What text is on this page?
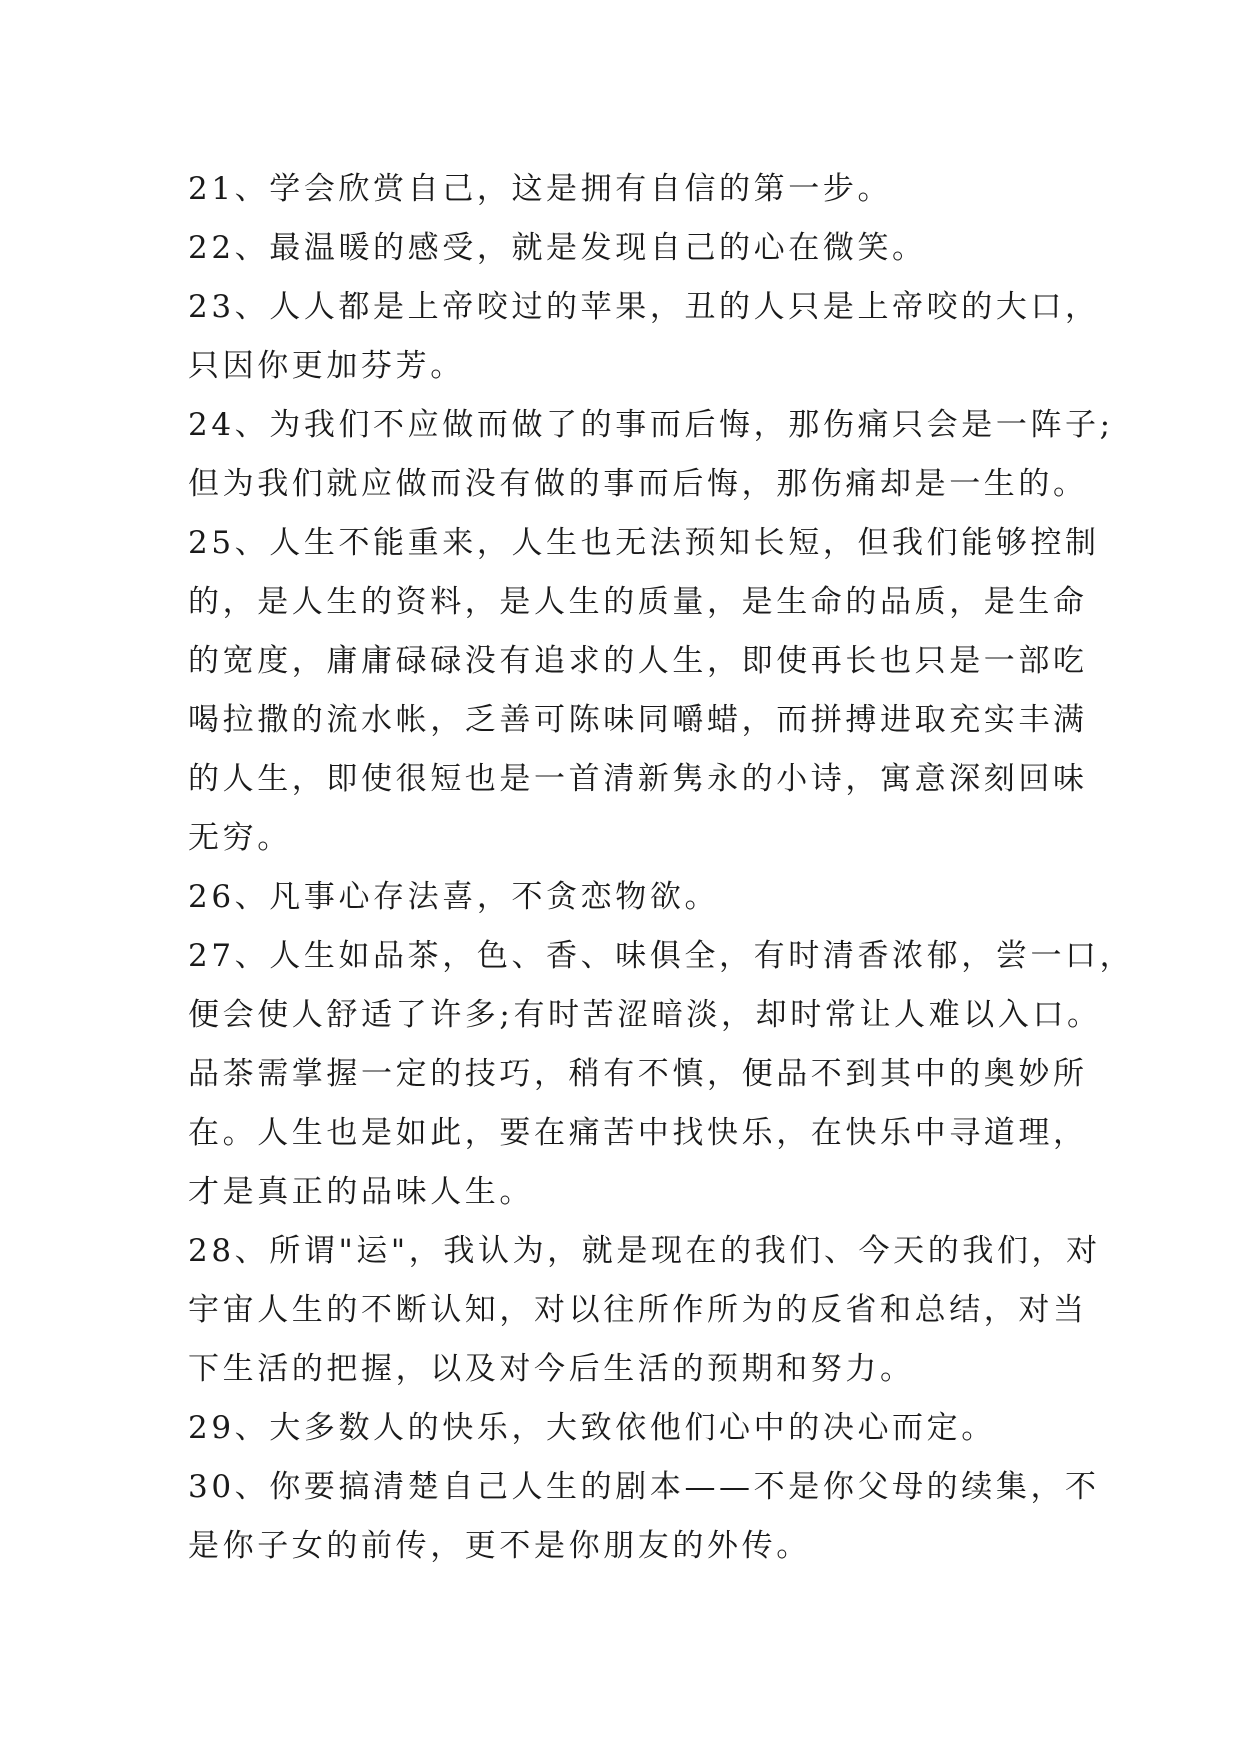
21、学会欣赏自己，这是拥有自信的第一步。
22、最温暖的感受，就是发现自己的心在微笑。
23、人人都是上帝咬过的苹果，丑的人只是上帝咬的大口，
只因你更加芬芳。
24、为我们不应做而做了的事而后悔，那伤痛只会是一阵子;
但为我们就应做而没有做的事而后悔，那伤痛却是一生的。
25、人生不能重来，人生也无法预知长短，但我们能够控制
的，是人生的资料，是人生的质量，是生命的品质，是生命
的宽度，庸庸碌碌没有追求的人生，即使再长也只是一部吃
喝拉撒的流水帐，乏善可陈味同嚼蜡，而拼搏进取充实丰满
的人生，即使很短也是一首清新隽永的小诗，寓意深刻回味
无穷。
26、凡事心存法喜，不贪恋物欲。
27、人生如品茶，色、香、味俱全，有时清香浓郁，尝一口，
便会使人舒适了许多;有时苦涩暗淡，却时常让人难以入口。
品茶需掌握一定的技巧，稍有不慎，便品不到其中的奥妙所
在。人生也是如此，要在痛苦中找快乐，在快乐中寻道理，
才是真正的品味人生。
28、所谓"运"，我认为，就是现在的我们、今天的我们，对
宇宙人生的不断认知，对以往所作所为的反省和总结，对当
下生活的把握，以及对今后生活的预期和努力。
29、大多数人的快乐，大致依他们心中的决心而定。
30、你要搞清楚自己人生的剧本——不是你父母的续集，不
是你子女的前传，更不是你朋友的外传。
